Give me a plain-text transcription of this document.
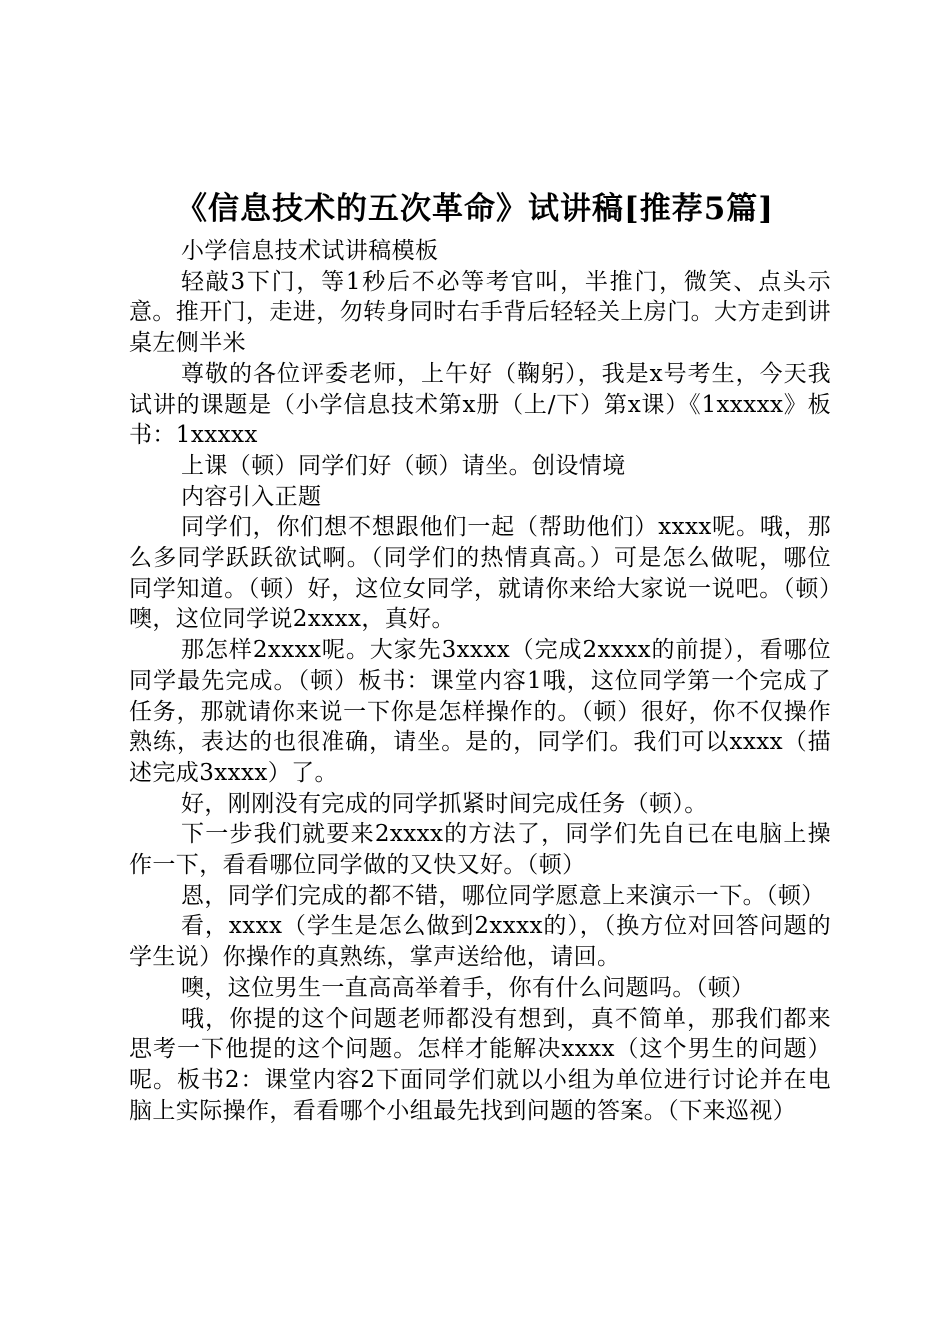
《信息技术的五次革命》试讲稿[推荐5篇]

小学信息技术试讲稿模板

轻敲3下门，等1秒后不必等考官叫，半推门，微笑、点头示意。推开门，走进，勿转身同时右手背后轻轻关上房门。大方走到讲桌左侧半米

尊敬的各位评委老师，上午好（鞠躬），我是x号考生，今天我试讲的课题是（小学信息技术第x册（上/下）第x课）《1xxxxx》板书：1xxxxx

上课（顿）同学们好（顿）请坐。创设情境

内容引入正题

同学们，你们想不想跟他们一起（帮助他们）xxxx呢。哦，那么多同学跃跃欲试啊。（同学们的热情真高。）可是怎么做呢，哪位同学知道。（顿）好，这位女同学，就请你来给大家说一说吧。（顿）噢，这位同学说2xxxx，真好。

那怎样2xxxx呢。大家先3xxxx（完成2xxxx的前提），看哪位同学最先完成。（顿）板书：课堂内容1哦，这位同学第一个完成了任务，那就请你来说一下你是怎样操作的。（顿）很好，你不仅操作熟练，表达的也很准确，请坐。是的，同学们。我们可以xxxx（描述完成3xxxx）了。

好，刚刚没有完成的同学抓紧时间完成任务（顿）。

下一步我们就要来2xxxx的方法了，同学们先自已在电脑上操作一下，看看哪位同学做的又快又好。（顿）

恩，同学们完成的都不错，哪位同学愿意上来演示一下。（顿）

看，xxxx（学生是怎么做到2xxxx的），（换方位对回答问题的学生说）你操作的真熟练，掌声送给他，请回。

噢，这位男生一直高高举着手，你有什么问题吗。（顿）

哦，你提的这个问题老师都没有想到，真不简单，那我们都来思考一下他提的这个问题。怎样才能解决xxxx（这个男生的问题）呢。板书2：课堂内容2下面同学们就以小组为单位进行讨论并在电脑上实际操作，看看哪个小组最先找到问题的答案。（下来巡视）
